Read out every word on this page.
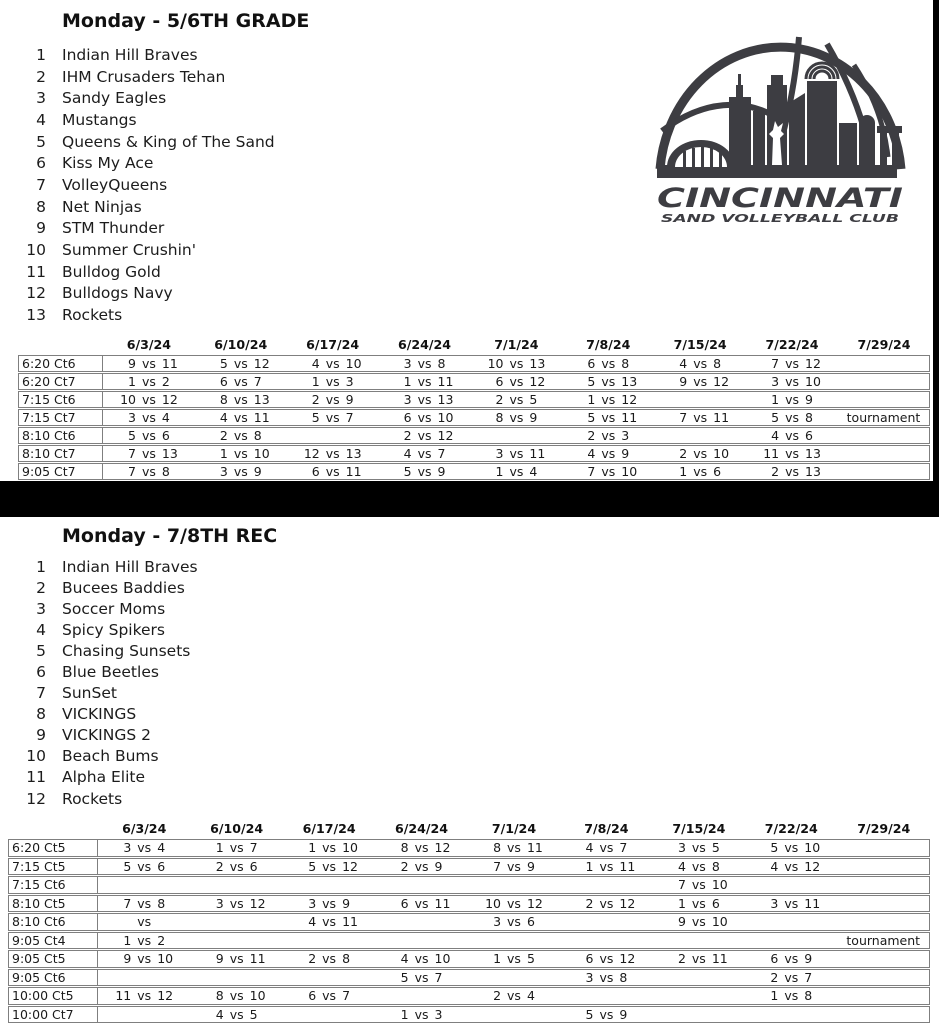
Monday - 5/6TH GRADE
CINCINNATI
SAND VOLLEYBALL CLUB
1 Indian Hill Braves
2 IHM Crusaders Tehan
3 Sandy Eagles
4 Mustangs
5 Queens & King of The Sand
6 Kiss My Ace
7 VolleyQueens
8 Net Ninjas
9 STM Thunder
10 Summer Crushin'
11 Bulldog Gold
12 Bulldogs Navy
13 Rockets
	6/3/24	6/10/24	6/17/24	6/24/24	7/1/24	7/8/24	7/15/24	7/22/24	7/29/24
6:20 Ct6	9 vs 11	5 vs 12	4 vs 10	3 vs 8	10 vs 13	6 vs 8	4 vs 8	7 vs 12	

6:20 Ct7	1 vs 2	6 vs 7	1 vs 3	1 vs 11	6 vs 12	5 vs 13	9 vs 12	3 vs 10	

7:15 Ct6	10 vs 12	8 vs 13	2 vs 9	3 vs 13	2 vs 5	1 vs 12		1 vs 9	

7:15 Ct7	3 vs 4	4 vs 11	5 vs 7	6 vs 10	8 vs 9	5 vs 11	7 vs 11	5 vs 8	tournament

8:10 Ct6	5 vs 6	2 vs 8		2 vs 12		2 vs 3		4 vs 6	

8:10 Ct7	7 vs 13	1 vs 10	12 vs 13	4 vs 7	3 vs 11	4 vs 9	2 vs 10	11 vs 13	

9:05 Ct7	7 vs 8	3 vs 9	6 vs 11	5 vs 9	1 vs 4	7 vs 10	1 vs 6	2 vs 13	

Monday - 7/8TH REC
1 Indian Hill Braves
2 Bucees Baddies
3 Soccer Moms
4 Spicy Spikers
5 Chasing Sunsets
6 Blue Beetles
7 SunSet
8 VICKINGS
9 VICKINGS 2
10 Beach Bums
11 Alpha Elite
12 Rockets
	6/3/24	6/10/24	6/17/24	6/24/24	7/1/24	7/8/24	7/15/24	7/22/24	7/29/24
6:20 Ct5	3 vs 4	1 vs 7	1 vs 10	8 vs 12	8 vs 11	4 vs 7	3 vs 5	5 vs 10	

7:15 Ct5	5 vs 6	2 vs 6	5 vs 12	2 vs 9	7 vs 9	1 vs 11	4 vs 8	4 vs 12	

7:15 Ct6							7 vs 10		

8:10 Ct5	7 vs 8	3 vs 12	3 vs 9	6 vs 11	10 vs 12	2 vs 12	1 vs 6	3 vs 11	

8:10 Ct6	vs		4 vs 11		3 vs 6		9 vs 10		

9:05 Ct4	1 vs 2								tournament

9:05 Ct5	9 vs 10	9 vs 11	2 vs 8	4 vs 10	1 vs 5	6 vs 12	2 vs 11	6 vs 9	

9:05 Ct6				5 vs 7		3 vs 8		2 vs 7	

10:00 Ct5	11 vs 12	8 vs 10	6 vs 7		2 vs 4			1 vs 8	

10:00 Ct7		4 vs 5		1 vs 3		5 vs 9			
